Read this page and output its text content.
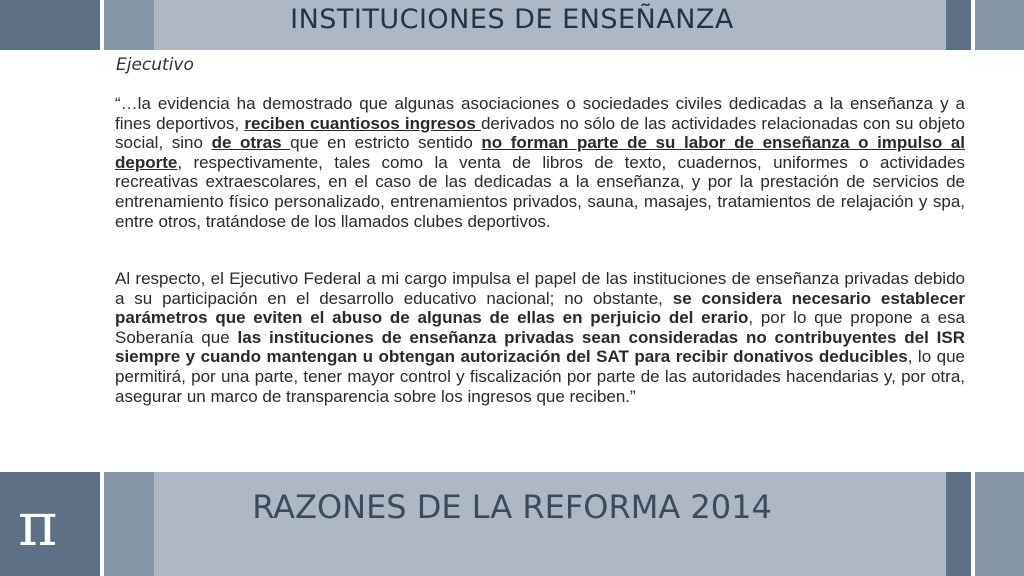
INSTITUCIONES DE ENSEÑANZA
Ejecutivo

“…la evidencia ha demostrado que algunas asociaciones o sociedades civiles dedicadas a la enseñanza y a fines deportivos, reciben cuantiosos ingresos derivados no sólo de las actividades relacionadas con su objeto social, sino de otras que en estricto sentido no forman parte de su labor de enseñanza o impulso al deporte, respectivamente, tales como la venta de libros de texto, cuadernos, uniformes o actividades recreativas extraescolares, en el caso de las dedicadas a la enseñanza, y por la prestación de servicios de entrenamiento físico personalizado, entrenamientos privados, sauna, masajes, tratamientos de relajación y spa, entre otros, tratándose de los llamados clubes deportivos.

Al respecto, el Ejecutivo Federal a mi cargo impulsa el papel de las instituciones de enseñanza privadas debido a su participación en el desarrollo educativo nacional; no obstante, se considera necesario establecer parámetros que eviten el abuso de algunas de ellas en perjuicio del erario, por lo que propone a esa Soberanía que las instituciones de enseñanza privadas sean consideradas no contribuyentes del ISR siempre y cuando mantengan u obtengan autorización del SAT para recibir donativos deducibles, lo que permitirá, por una parte, tener mayor control y fiscalización por parte de las autoridades hacendarias y, por otra, asegurar un marco de transparencia sobre los ingresos que reciben.”

π	RAZONES DE LA REFORMA 2014
